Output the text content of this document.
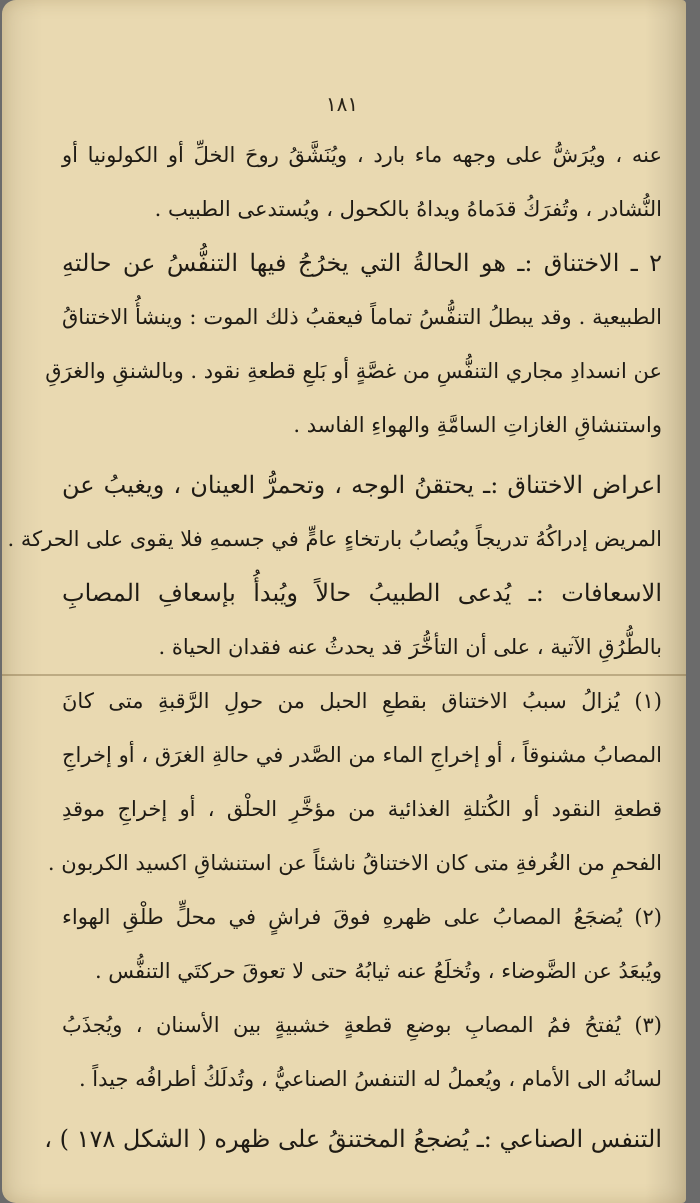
١٨١
عنه ، ويُرَشُّ على وجهه ماء بارد ، ويُنَشَّقُ روحَ الخلِّ أو الكولونيا أو
النُّشادر ، وتُفرَكُ قدَماهُ ويداهُ بالكحول ، ويُستدعى الطبيب .
٢ ـ الاختناق :ـ هو الحالةُ التي يخرُجُ فيها التنفُّسُ عن حالتهِ
الطبيعية . وقد يبطلُ التنفُّسُ تماماً فيعقبُ ذلك الموت : وينشأُ الاختناقُ
عن انسدادِ مجاري التنفُّسِ من غصَّةٍ أو بَلعِ قطعةِ نقود . وبالشنقِ والغرَقِ
واستنشاقِ الغازاتِ السامَّةِ والهواءِ الفاسد .
اعراض الاختناق :ـ يحتقنُ الوجه ، وتحمرُّ العينان ، ويغيبُ عن
المريض إدراكُهُ تدريجاً ويُصابُ بارتخاءٍ عامٍّ في جسمهِ فلا يقوى على الحركة .
الاسعافات :ـ يُدعى الطبيبُ حالاً ويُبدأُ بإسعافِ المصابِ
بالطُّرُقِ الآتية ، على أن التأخُّرَ قد يحدثُ عنه فقدان الحياة .
(١) يُزالُ سببُ الاختناق بقطعِ الحبل من حولِ الرَّقبةِ متى كانَ
المصابُ مشنوقاً ، أو إخراجِ الماء من الصَّدر في حالةِ الغرَق ، أو إخراجِ
قطعةِ النقود أو الكُتلةِ الغذائية من مؤخَّرِ الحلْق ، أو إخراجِ موقدِ
الفحمِ من الغُرفةِ متى كان الاختناقُ ناشئاً عن استنشاقِ اكسيد الكربون .
(٢) يُضجَعُ المصابُ على ظهرهِ فوقَ فراشٍ في محلٍّ طلْقِ الهواء
ويُبعَدُ عن الضَّوضاء ، وتُخلَعُ عنه ثيابُهُ حتى لا تعوقَ حركتَي التنفُّس .
(٣) يُفتحُ فمُ المصابِ بوضعِ قطعةٍ خشبيةٍ بين الأسنان ، ويُجذَبُ
لسانُه الى الأمام ، ويُعملُ له التنفسُ الصناعيُّ ، وتُدلَكُ أطرافُه جيداً .
التنفس الصناعي :ـ يُضجعُ المختنقُ على ظهره ( الشكل ١٧٨ ) ،
